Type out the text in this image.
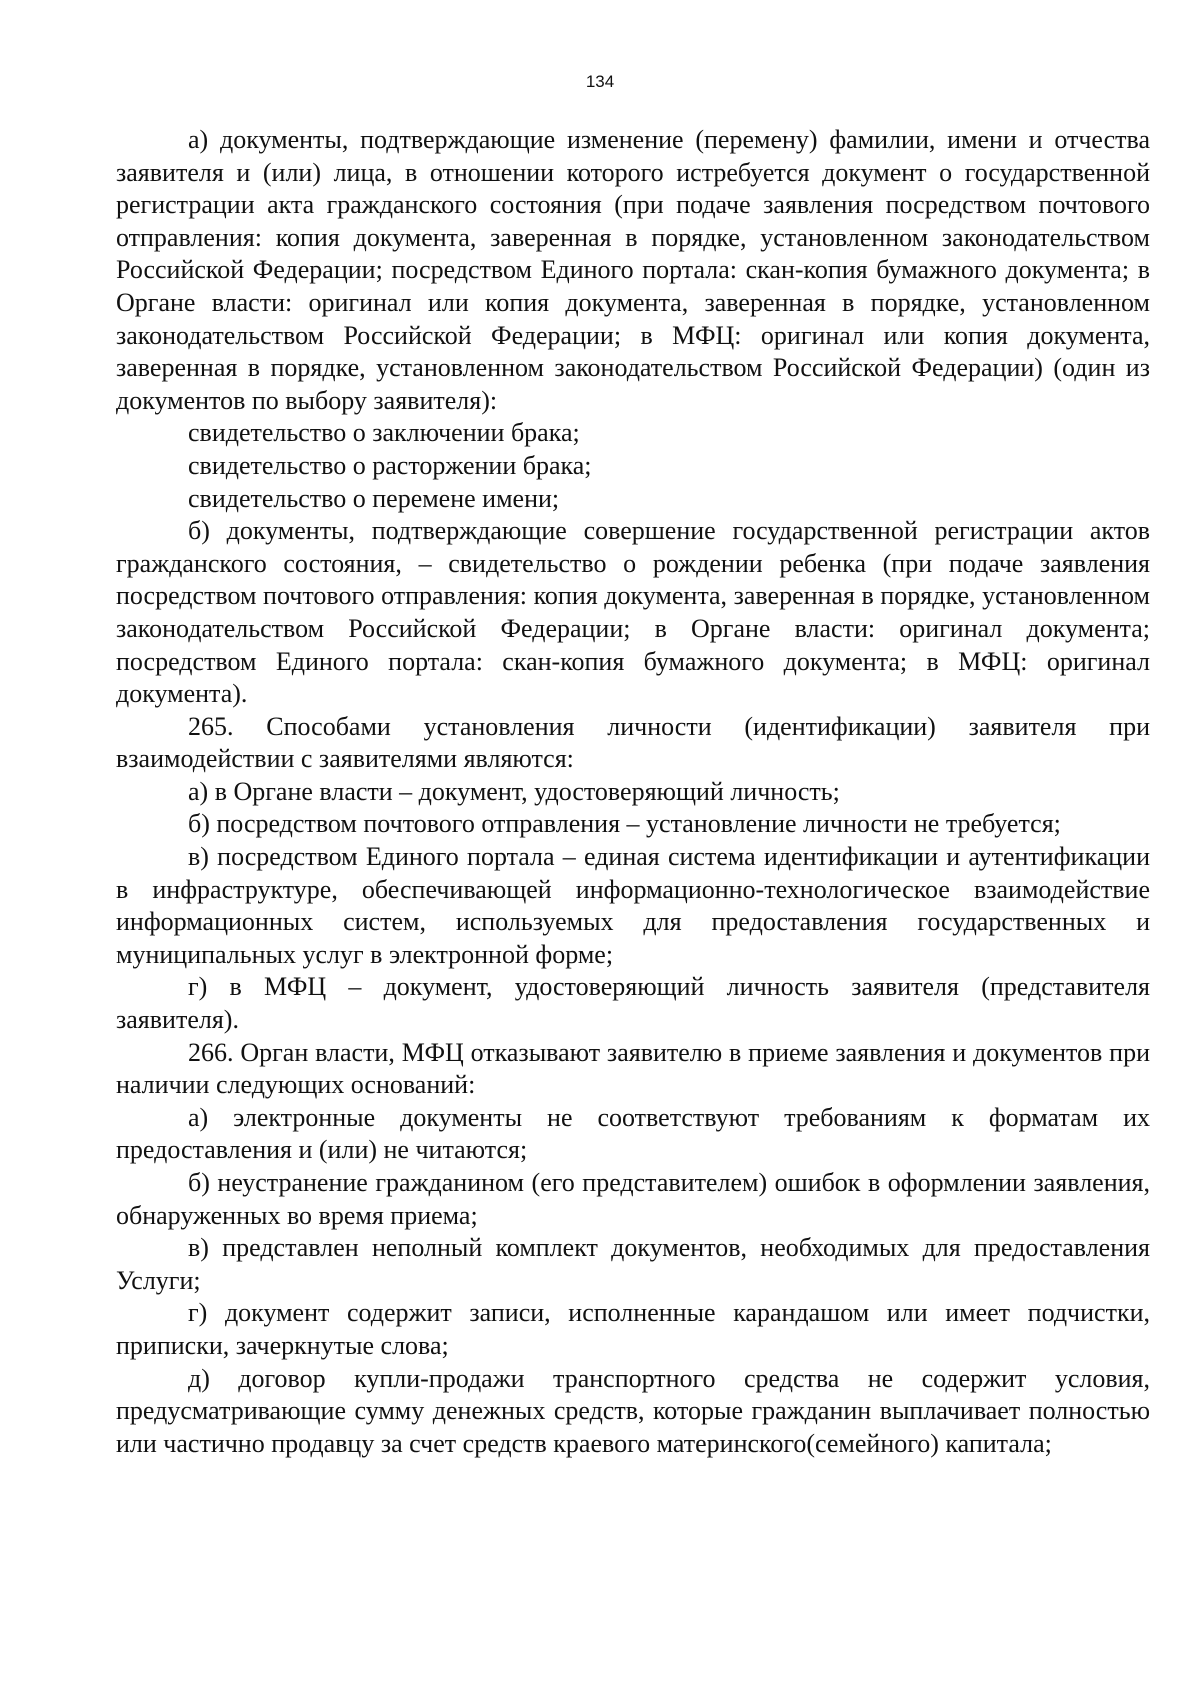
134

а) документы, подтверждающие изменение (перемену) фамилии, имени и отчества заявителя и (или) лица, в отношении которого истребуется документ о государственной регистрации акта гражданского состояния (при подаче заявления посредством почтового отправления: копия документа, заверенная в порядке, установленном законодательством Российской Федерации; посредством Единого портала: скан-копия бумажного документа; в Органе власти: оригинал или копия документа, заверенная в порядке, установленном законодательством Российской Федерации; в МФЦ: оригинал или копия документа, заверенная в порядке, установленном законодательством Российской Федерации) (один из документов по выбору заявителя):

свидетельство о заключении брака;

свидетельство о расторжении брака;

свидетельство о перемене имени;

б) документы, подтверждающие совершение государственной регистрации актов гражданского состояния, – свидетельство о рождении ребенка (при подаче заявления посредством почтового отправления: копия документа, заверенная в порядке, установленном законодательством Российской Федерации; в Органе власти: оригинал документа; посредством Единого портала: скан-копия бумажного документа; в МФЦ: оригинал документа).

265. Способами установления личности (идентификации) заявителя при взаимодействии с заявителями являются:

а) в Органе власти – документ, удостоверяющий личность;

б) посредством почтового отправления – установление личности не требуется;

в) посредством Единого портала – единая система идентификации и аутентификации в инфраструктуре, обеспечивающей информационно-технологическое взаимодействие информационных систем, используемых для предоставления государственных и муниципальных услуг в электронной форме;

г) в МФЦ – документ, удостоверяющий личность заявителя (представителя заявителя).

266. Орган власти, МФЦ отказывают заявителю в приеме заявления и документов при наличии следующих оснований:

а) электронные документы не соответствуют требованиям к форматам их предоставления и (или) не читаются;

б) неустранение гражданином (его представителем) ошибок в оформлении заявления, обнаруженных во время приема;

в) представлен неполный комплект документов, необходимых для предоставления Услуги;

г) документ содержит записи, исполненные карандашом или имеет подчистки, приписки, зачеркнутые слова;

д) договор купли-продажи транспортного средства не содержит условия, предусматривающие сумму денежных средств, которые гражданин выплачивает полностью или частично продавцу за счет средств краевого материнского(семейного) капитала;
